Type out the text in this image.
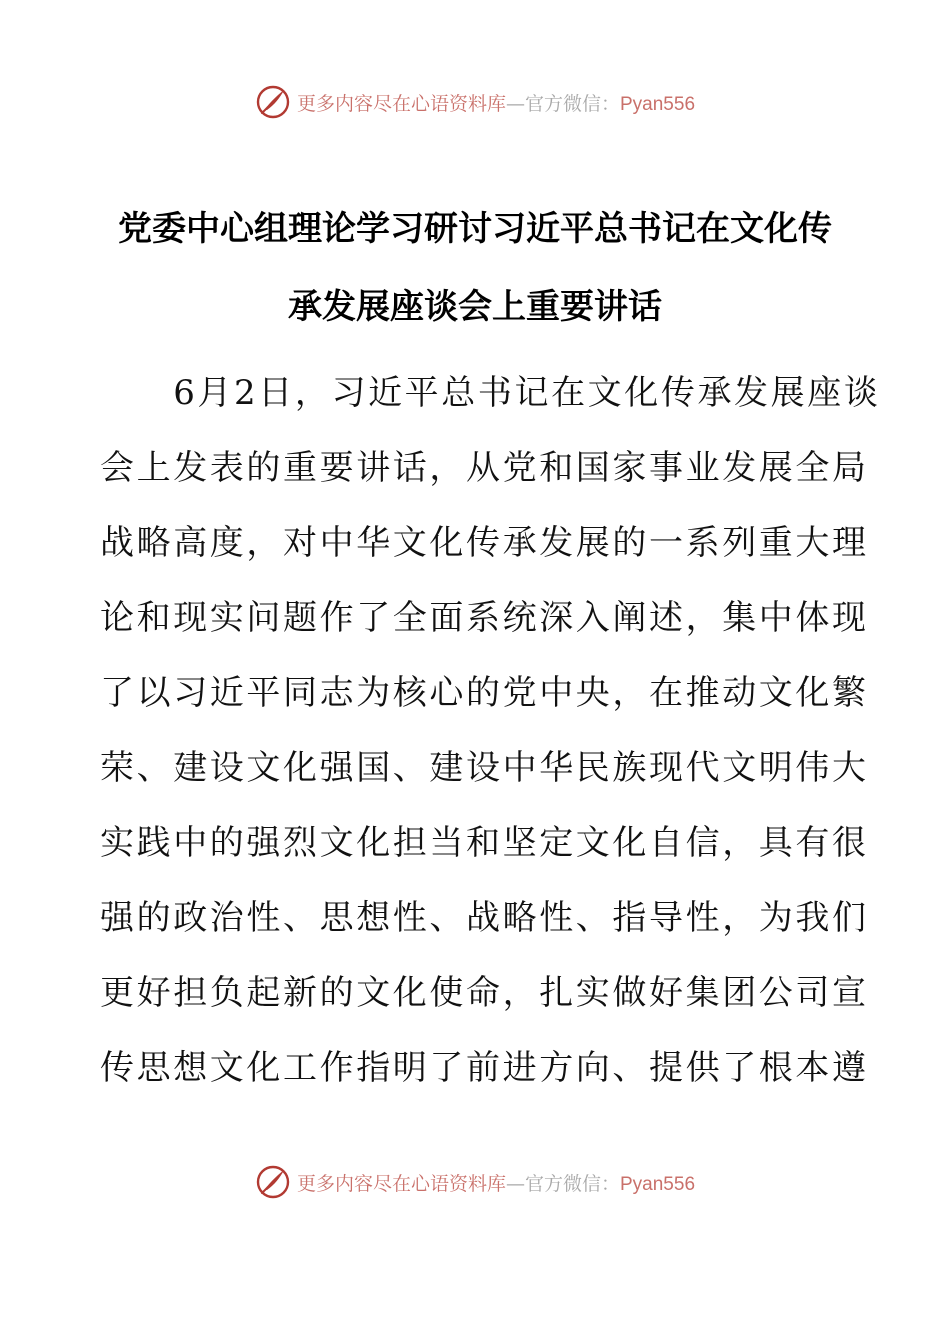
更多内容尽在心语资料库 — 官方微信： Pyan556
党委中心组理论学习研讨习近平总书记在文化传
承发展座谈会上重要讲话

　　6月2日，习近平总书记在文化传承发展座谈
会上发表的重要讲话，从党和国家事业发展全局
战略高度，对中华文化传承发展的一系列重大理
论和现实问题作了全面系统深入阐述，集中体现
了以习近平同志为核心的党中央，在推动文化繁
荣、建设文化强国、建设中华民族现代文明伟大
实践中的强烈文化担当和坚定文化自信，具有很
强的政治性、思想性、战略性、指导性，为我们
更好担负起新的文化使命，扎实做好集团公司宣
传思想文化工作指明了前进方向、提供了根本遵

更多内容尽在心语资料库 — 官方微信： Pyan556
